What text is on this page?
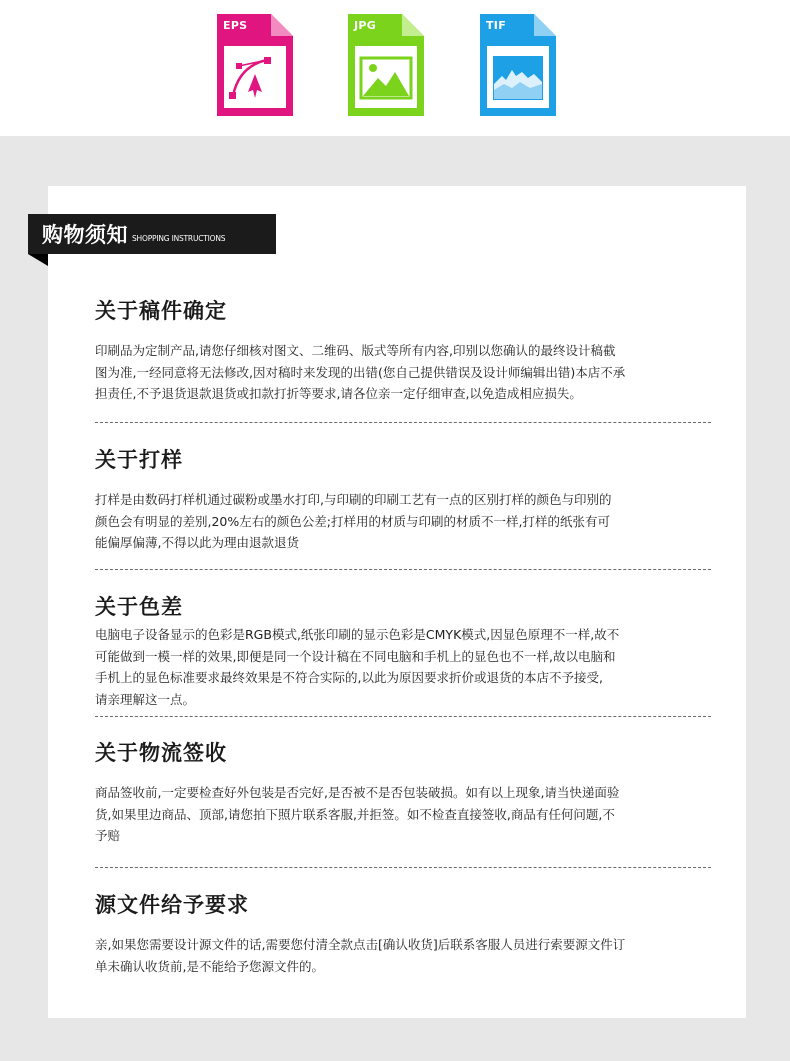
EPS	JPG	TIF
购物须知 SHOPPING INSTRUCTIONS
关于稿件确定

印刷品为定制产品,请您仔细核对图文、二维码、版式等所有内容,印别以您确认的最终设计稿截

图为准,一经同意将无法修改,因对稿时来发现的出错(您自己提供错误及设计师编辑出错)本店不承

担责任,不予退货退款退货或扣款打折等要求,请各位亲一定仔细审查,以免造成相应损失。

关于打样

打样是由数码打样机通过碳粉或墨水打印,与印刷的印刷工艺有一点的区别打样的颜色与印别的

颜色会有明显的差别,20%左右的颜色公差;打样用的材质与印刷的材质不一样,打样的纸张有可

能偏厚偏薄,不得以此为理由退款退货

关于色差

电脑电子设备显示的色彩是RGB模式,纸张印刷的显示色彩是CMYK模式,因显色原理不一样,故不

可能做到一模一样的效果,即便是同一个设计稿在不同电脑和手机上的显色也不一样,故以电脑和

手机上的显色标准要求最终效果是不符合实际的,以此为原因要求折价或退货的本店不予接受,

请亲理解这一点。

关于物流签收

商品签收前,一定要检查好外包装是否完好,是否被不是否包装破损。如有以上现象,请当快递面验

货,如果里边商品、顶部,请您拍下照片联系客服,并拒签。如不检查直接签收,商品有任何问题,不

予赔

源文件给予要求

亲,如果您需要设计源文件的话,需要您付清全款点击[确认收货]后联系客服人员进行索要源文件订

单未确认收货前,是不能给予您源文件的。
